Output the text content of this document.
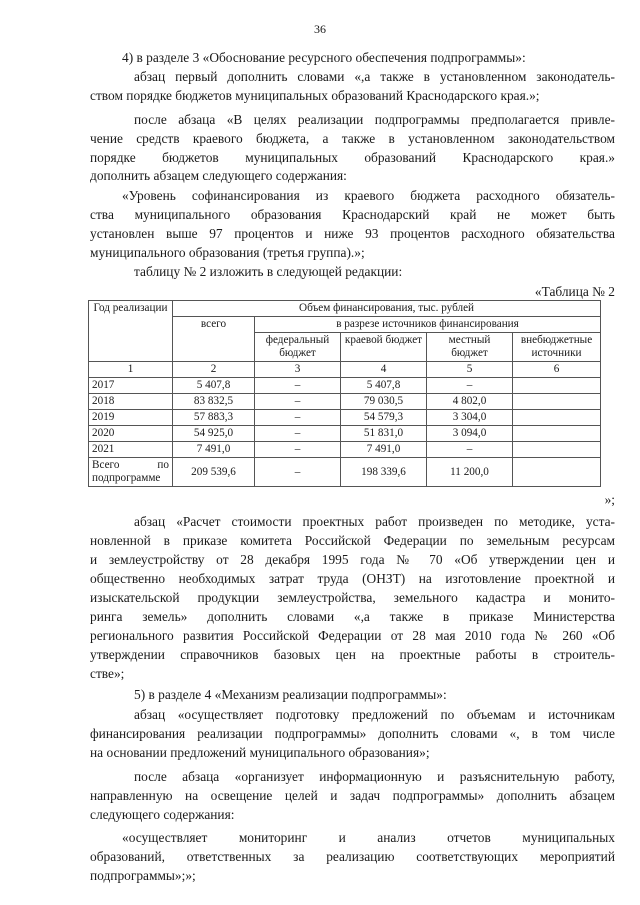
36
4) в разделе 3 «Обоснование ресурсного обеспечения подпрограммы»:
абзац первый дополнить словами «,а также в установленном законодатель-
ством порядке бюджетов муниципальных образований Краснодарского края.»;
после абзаца «В целях реализации подпрограммы предполагается привле-
чение средств краевого бюджета, а также в установленном законодательством
порядке бюджетов муниципальных образований Краснодарского края.»
дополнить абзацем следующего содержания:
«Уровень софинансирования из краевого бюджета расходного обязатель-
ства муниципального образования Краснодарский край не может быть
установлен выше 97 процентов и ниже 93 процентов расходного обязательства
муниципального образования (третья группа).»;
таблицу № 2 изложить в следующей редакции:
«Таблица № 2
Год реализации	Объем финансирования, тыс. рублей				
	всего	в разрезе источников финансирования			
		федеральный бюджет	краевой бюджет	местный бюджет	внебюджетные источники
1	2	3	4	5	6
2017	5 407,8	–	5 407,8	–	
2018	83 832,5	–	79 030,5	4 802,0	
2019	57 883,3	–	54 579,3	3 304,0	
2020	54 925,0	–	51 831,0	3 094,0	
2021	7 491,0	–	7 491,0	–	

Всего по
подпрограмме	209 539,6	–	198 339,6	11 200,0	
»;
абзац «Расчет стоимости проектных работ произведен по методике, уста-
новленной в приказе комитета Российской Федерации по земельным ресурсам
и землеустройству от 28 декабря 1995 года № 70 «Об утверждении цен и
общественно необходимых затрат труда (ОНЗТ) на изготовление проектной и
изыскательской продукции землеустройства, земельного кадастра и монито-
ринга земель» дополнить словами «,а также в приказе Министерства
регионального развития Российской Федерации от 28 мая 2010 года № 260 «Об
утверждении справочников базовых цен на проектные работы в строитель-
стве»;
5) в разделе 4 «Механизм реализации подпрограммы»:
абзац «осуществляет подготовку предложений по объемам и источникам
финансирования реализации подпрограммы» дополнить словами «, в том числе
на основании предложений муниципального образования»;
после абзаца «организует информационную и разъяснительную работу,
направленную на освещение целей и задач подпрограммы» дополнить абзацем
следующего содержания:
«осуществляет мониторинг и анализ отчетов муниципальных
образований, ответственных за реализацию соответствующих мероприятий
подпрограммы»;»;
